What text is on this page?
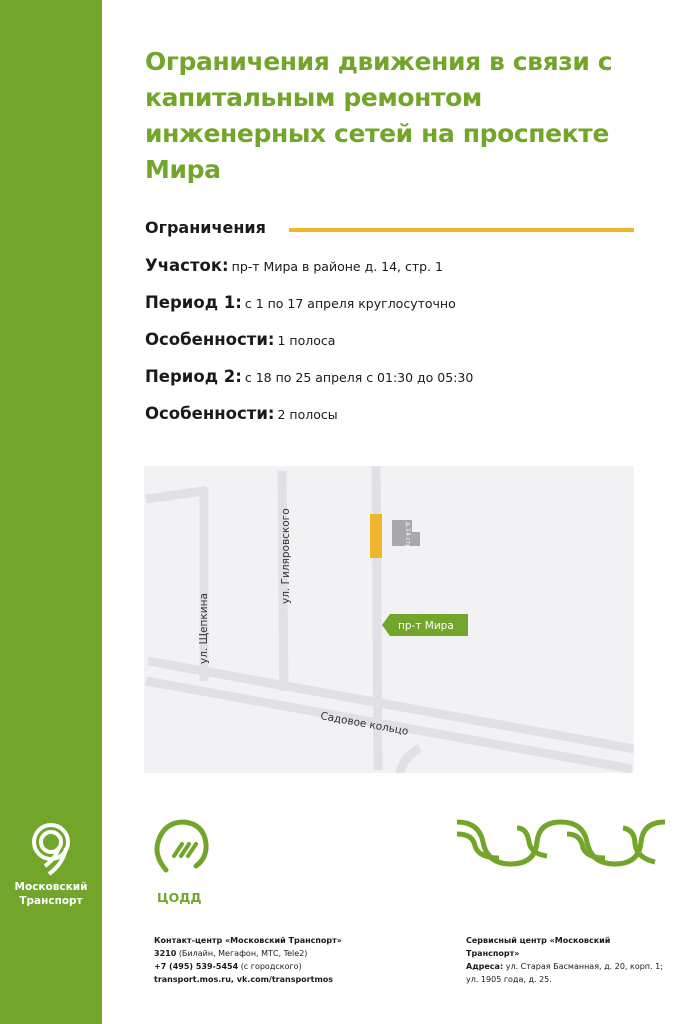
Московский
Транспорт
Ограничения движения в связи с капитальным ремонтом инженерных сетей на проспекте Мира
Ограничения
Участок: пр-т Мира в районе д. 14, стр. 1
Период 1: с 1 по 17 апреля круглосуточно
Особенности: 1 полоса
Период 2: с 18 по 25 апреля с 01:30 до 05:30
Особенности: 2 полосы
д.14 стр.1
ул. Щепкина
ул. Гиляровского
Садовое кольцо
пр-т Мира
ЦОДД
Контакт-центр «Московский Транспорт»
3210 (Билайн, Мегафон, МТС, Tele2)
+7 (495) 539-5454 (с городского)
transport.mos.ru, vk.com/transportmos
Сервисный центр «Московский Транспорт»
Адреса: ул. Старая Басманная, д. 20, корп. 1;
ул. 1905 года, д. 25.
